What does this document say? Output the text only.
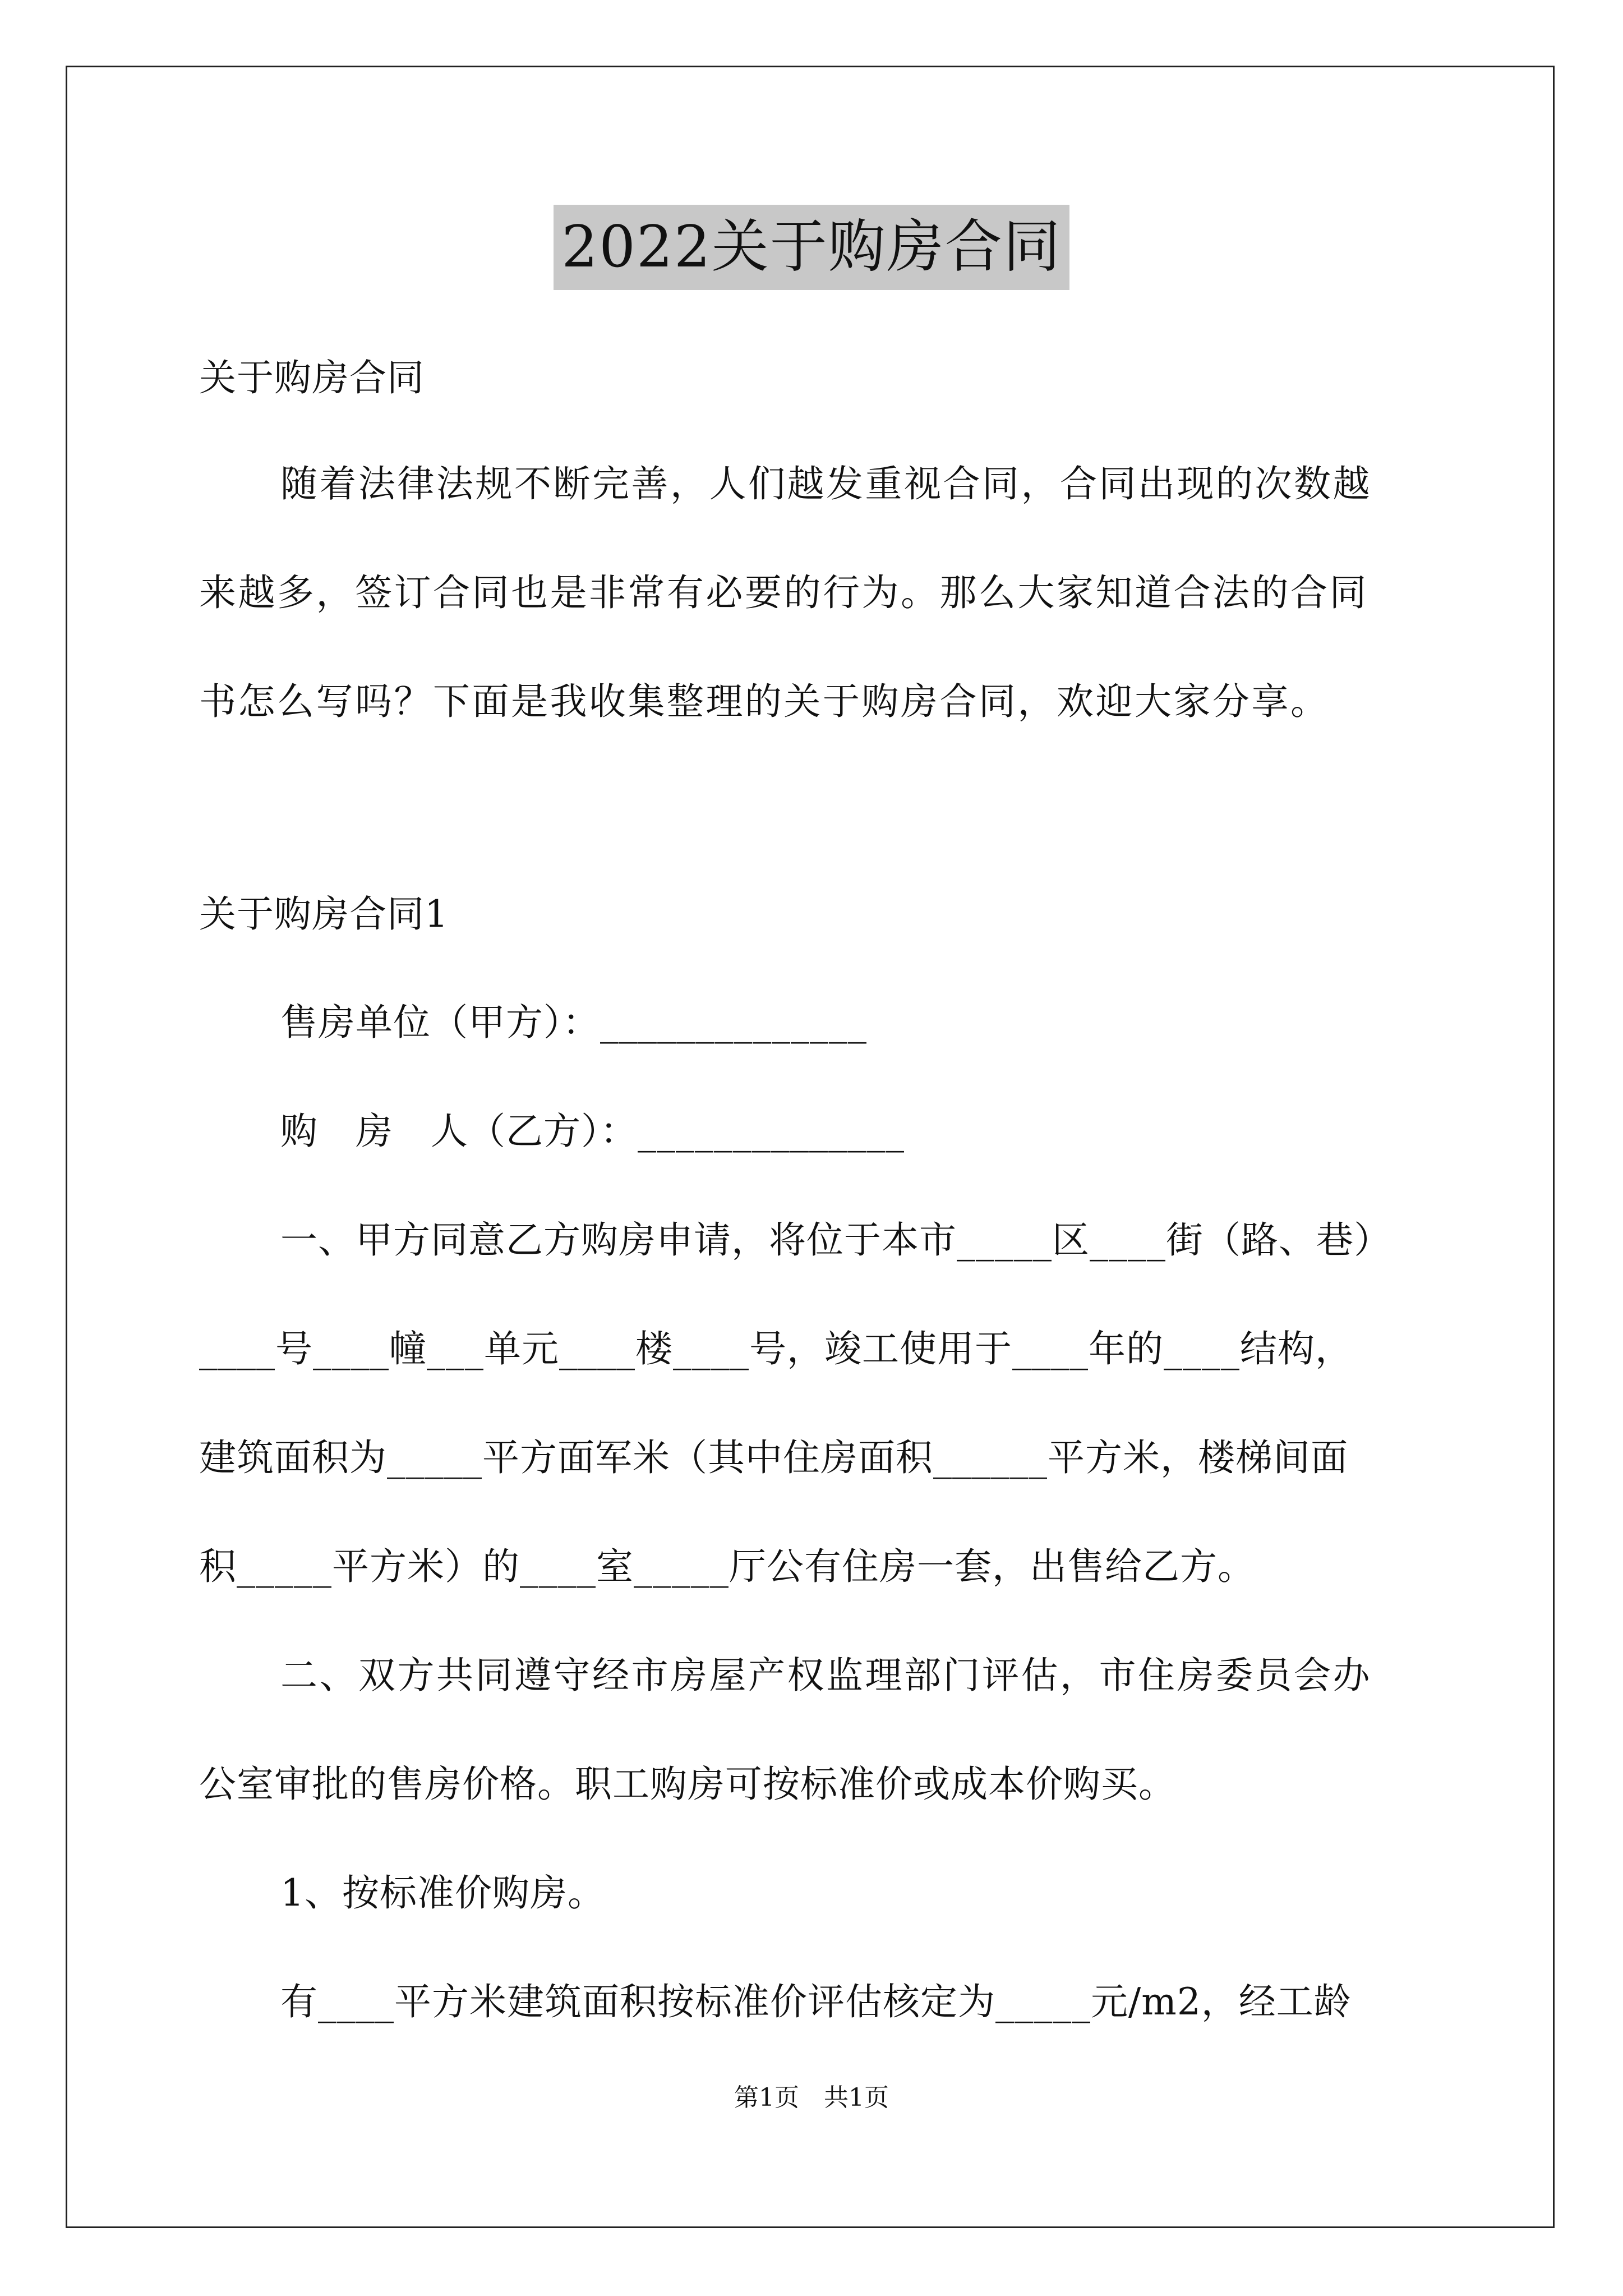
2022关于购房合同
关于购房合同
随着法律法规不断完善，人们越发重视合同，合同出现的次数越
来越多，签订合同也是非常有必要的行为。那么大家知道合法的合同
书怎么写吗？下面是我收集整理的关于购房合同，欢迎大家分享。
关于购房合同1
售房单位（甲方）：______________
购　房　人（乙方）：______________
一、甲方同意乙方购房申请，将位于本市_____区____街（路、巷）
____号____幢___单元____楼____号，竣工使用于____年的____结构，
建筑面积为_____平方面军米（其中住房面积______平方米，楼梯间面
积_____平方米）的____室_____厅公有住房一套，出售给乙方。
二、双方共同遵守经市房屋产权监理部门评估，市住房委员会办
公室审批的售房价格。职工购房可按标准价或成本价购买。
1、按标准价购房。
有____平方米建筑面积按标准价评估核定为_____元/m2，经工龄
第1页　共1页
